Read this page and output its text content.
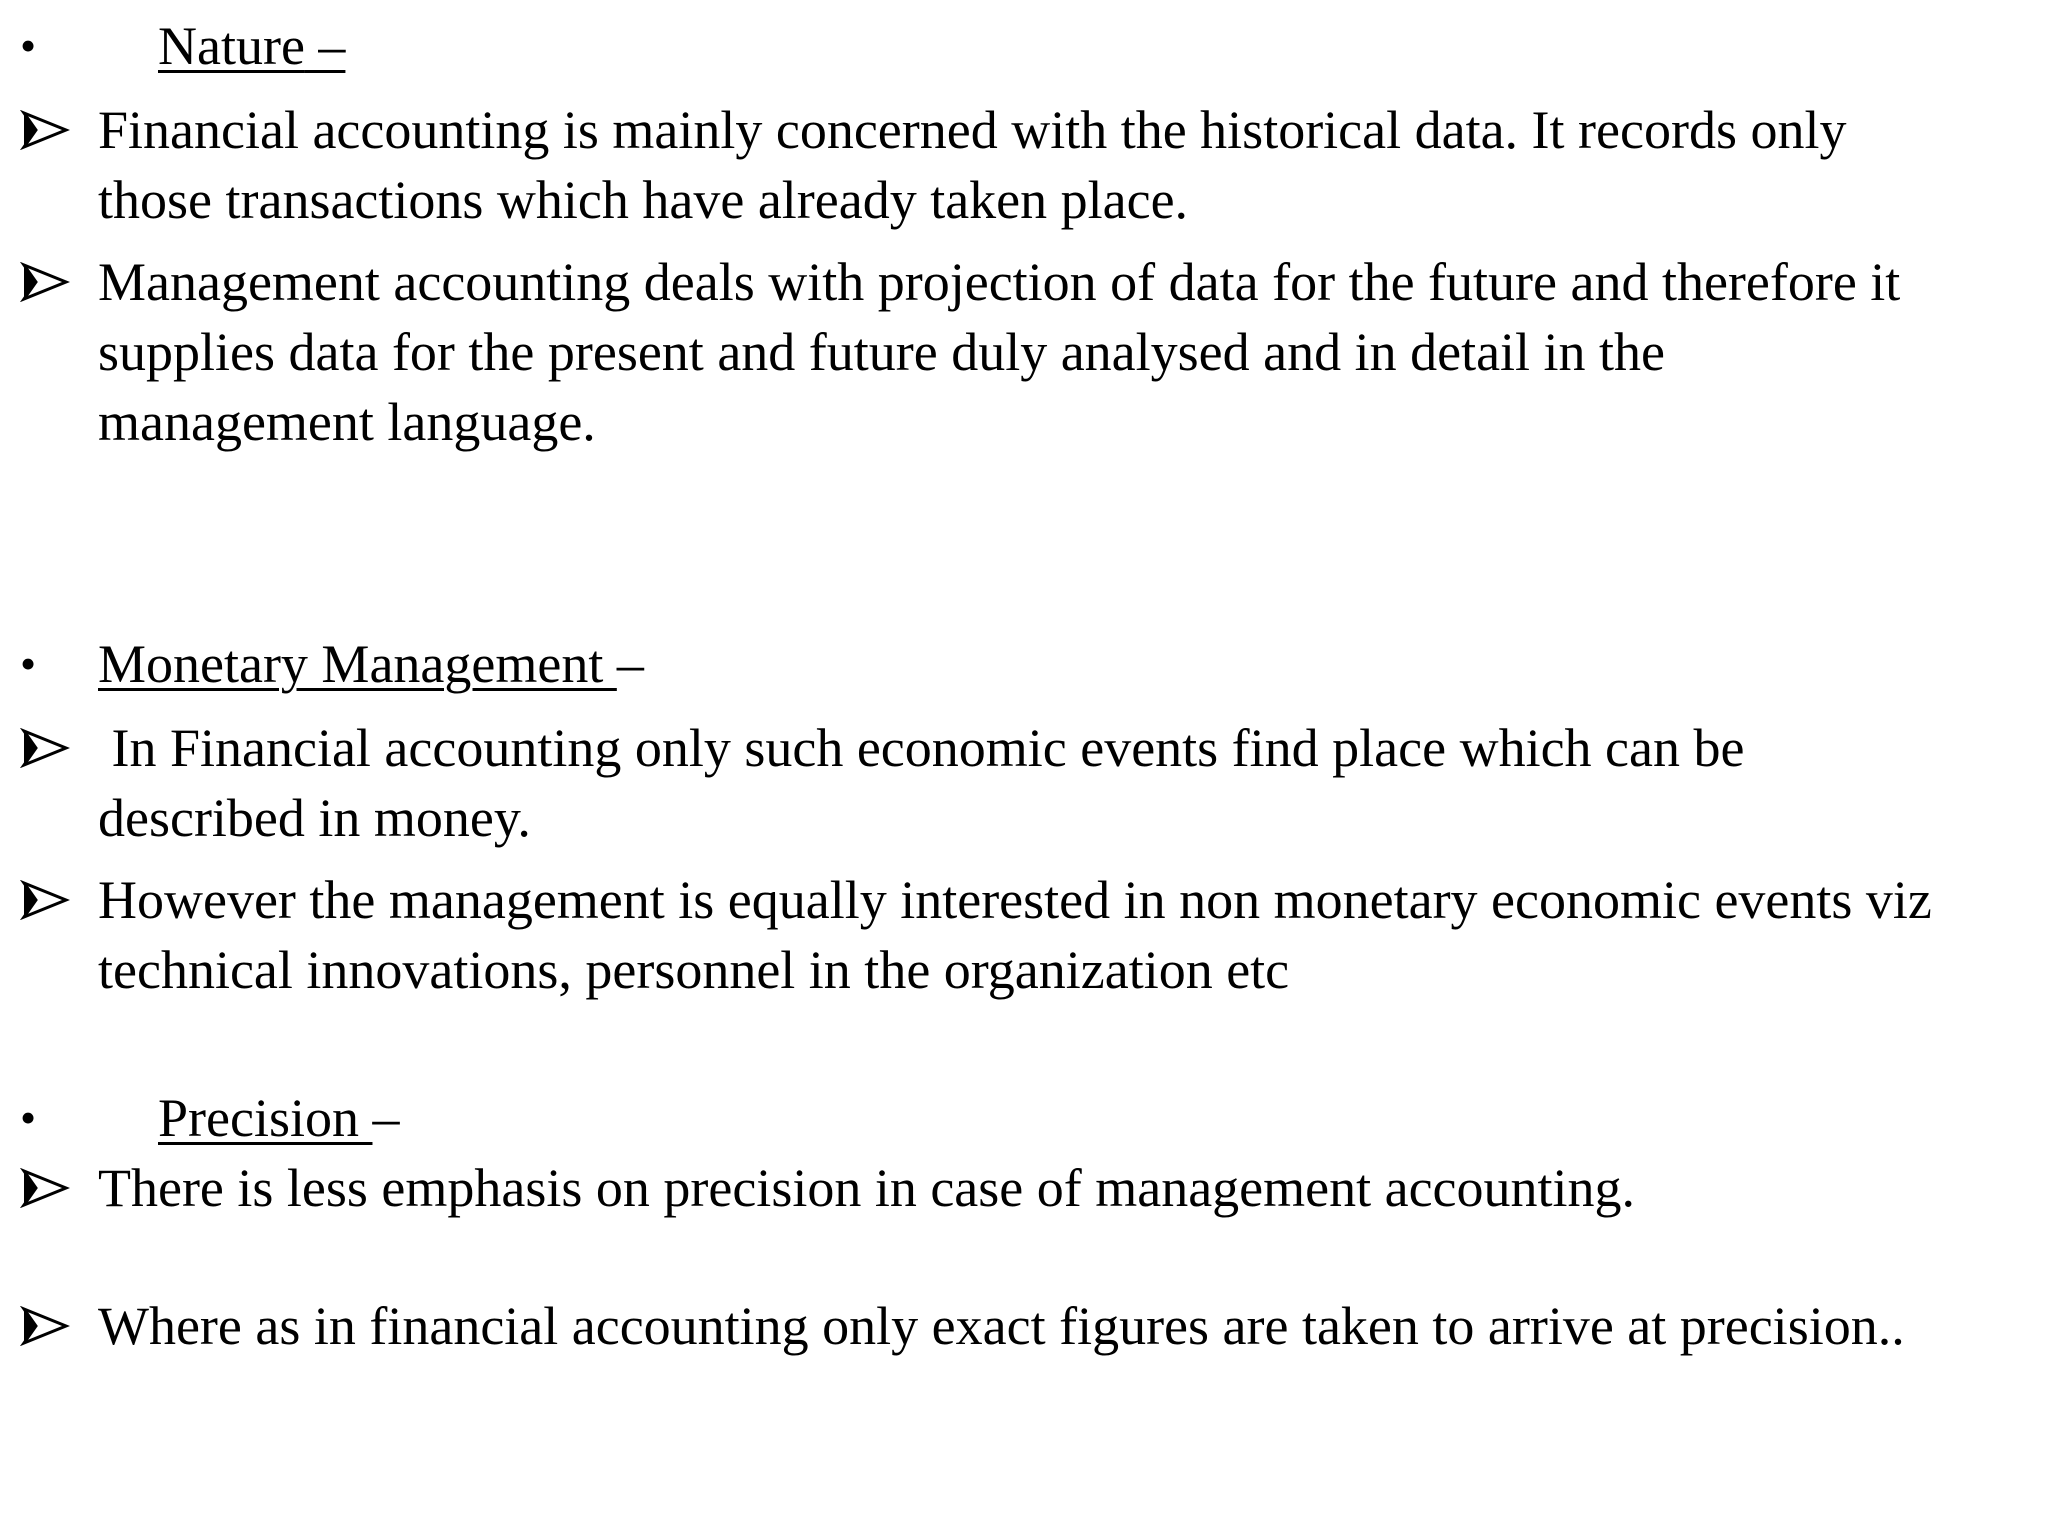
• Nature –
Financial accounting is mainly concerned with the historical data. It records only
those transactions which have already taken place.
Management accounting deals with projection of data for the future and therefore it
supplies data for the present and future duly analysed and in detail in the
management language.
• Monetary Management –
In Financial accounting only such economic events find place which can be
described in money.
However the management is equally interested in non monetary economic events viz
technical innovations, personnel in the organization etc
• Precision –
There is less emphasis on precision in case of management accounting.
Where as in financial accounting only exact figures are taken to arrive at precision..
